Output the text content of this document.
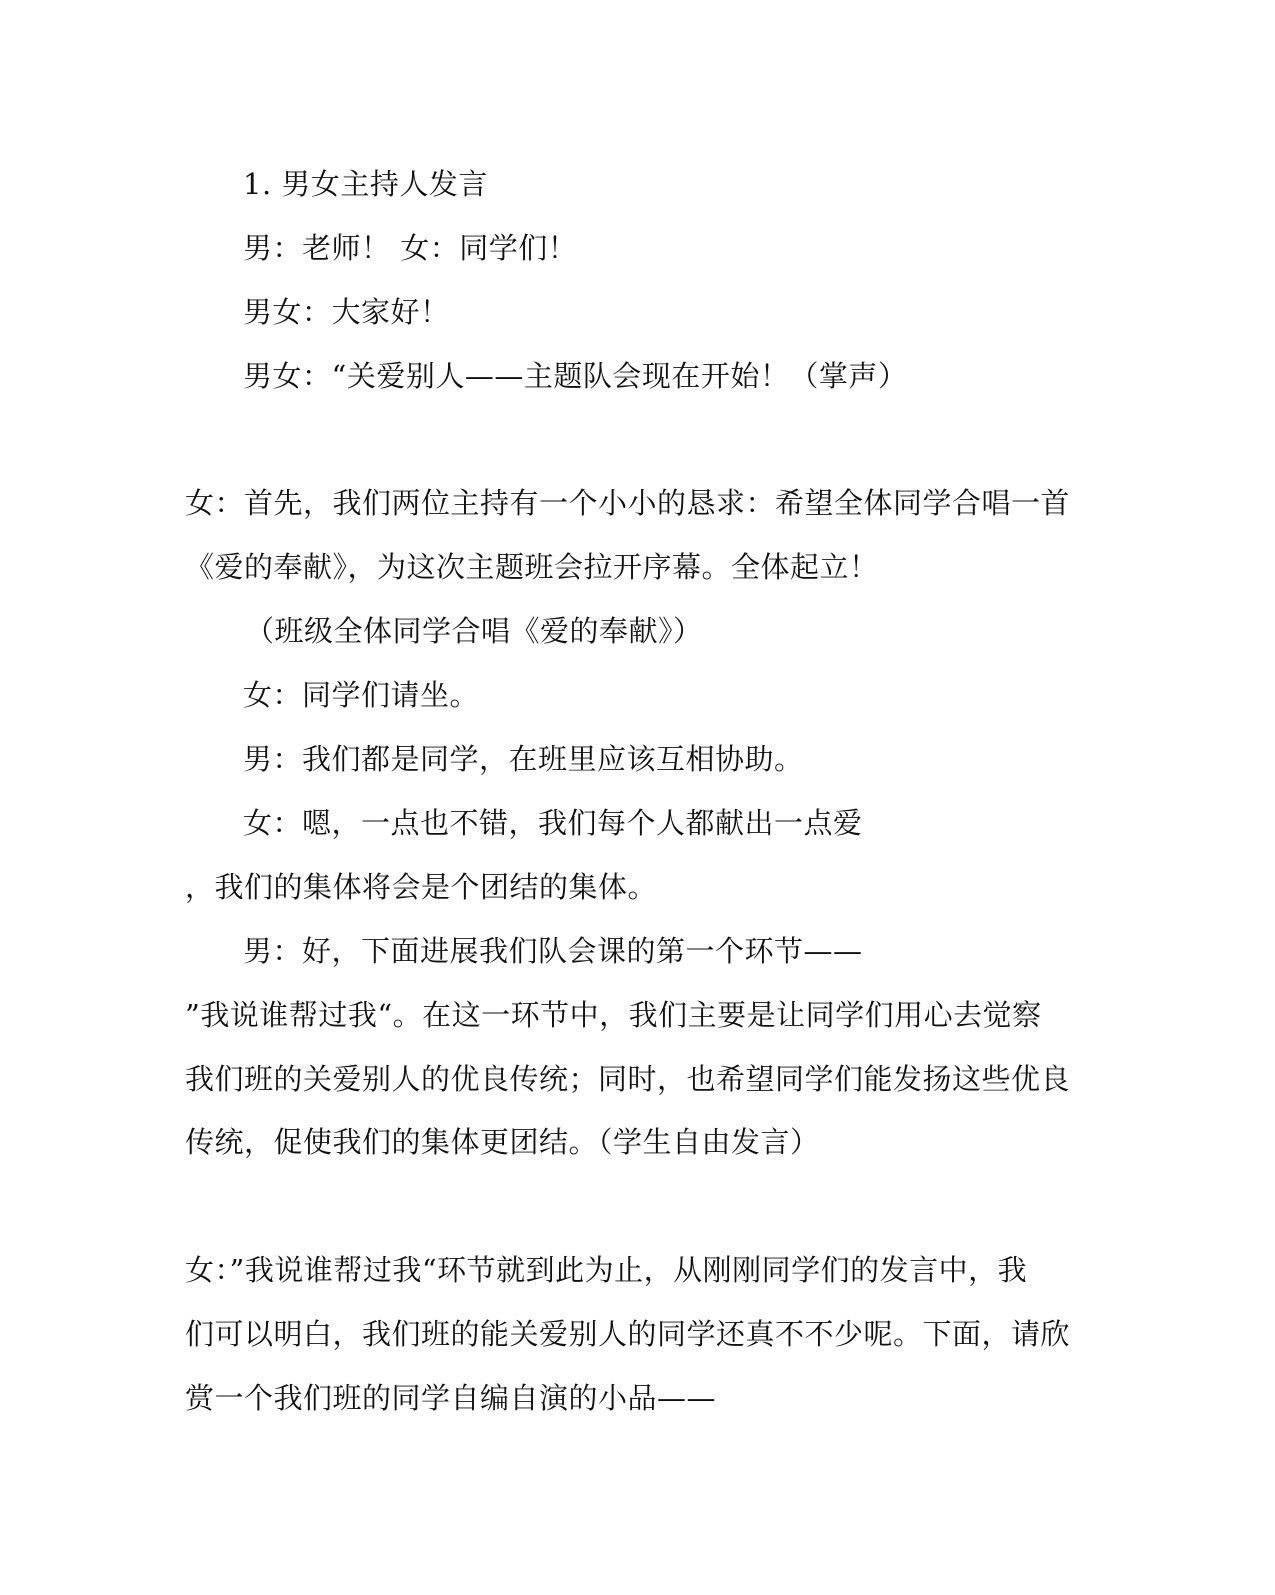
1. 男女主持人发言
男：老师！ 女：同学们！
男女：大家好！
男女：“关爱别人——主题队会现在开始！（掌声）
女：首先，我们两位主持有一个小小的恳求：希望全体同学合唱一首
《爱的奉献》，为这次主题班会拉开序幕。全体起立！
（班级全体同学合唱《爱的奉献》）
女：同学们请坐。
男：我们都是同学，在班里应该互相协助。
女：嗯，一点也不错，我们每个人都献出一点爱
，我们的集体将会是个团结的集体。
男：好，下面进展我们队会课的第一个环节——
”我说谁帮过我“。在这一环节中，我们主要是让同学们用心去觉察
我们班的关爱别人的优良传统；同时，也希望同学们能发扬这些优良
传统，促使我们的集体更团结。（学生自由发言）
女：”我说谁帮过我“环节就到此为止，从刚刚同学们的发言中，我
们可以明白，我们班的能关爱别人的同学还真不不少呢。下面，请欣
赏一个我们班的同学自编自演的小品——
